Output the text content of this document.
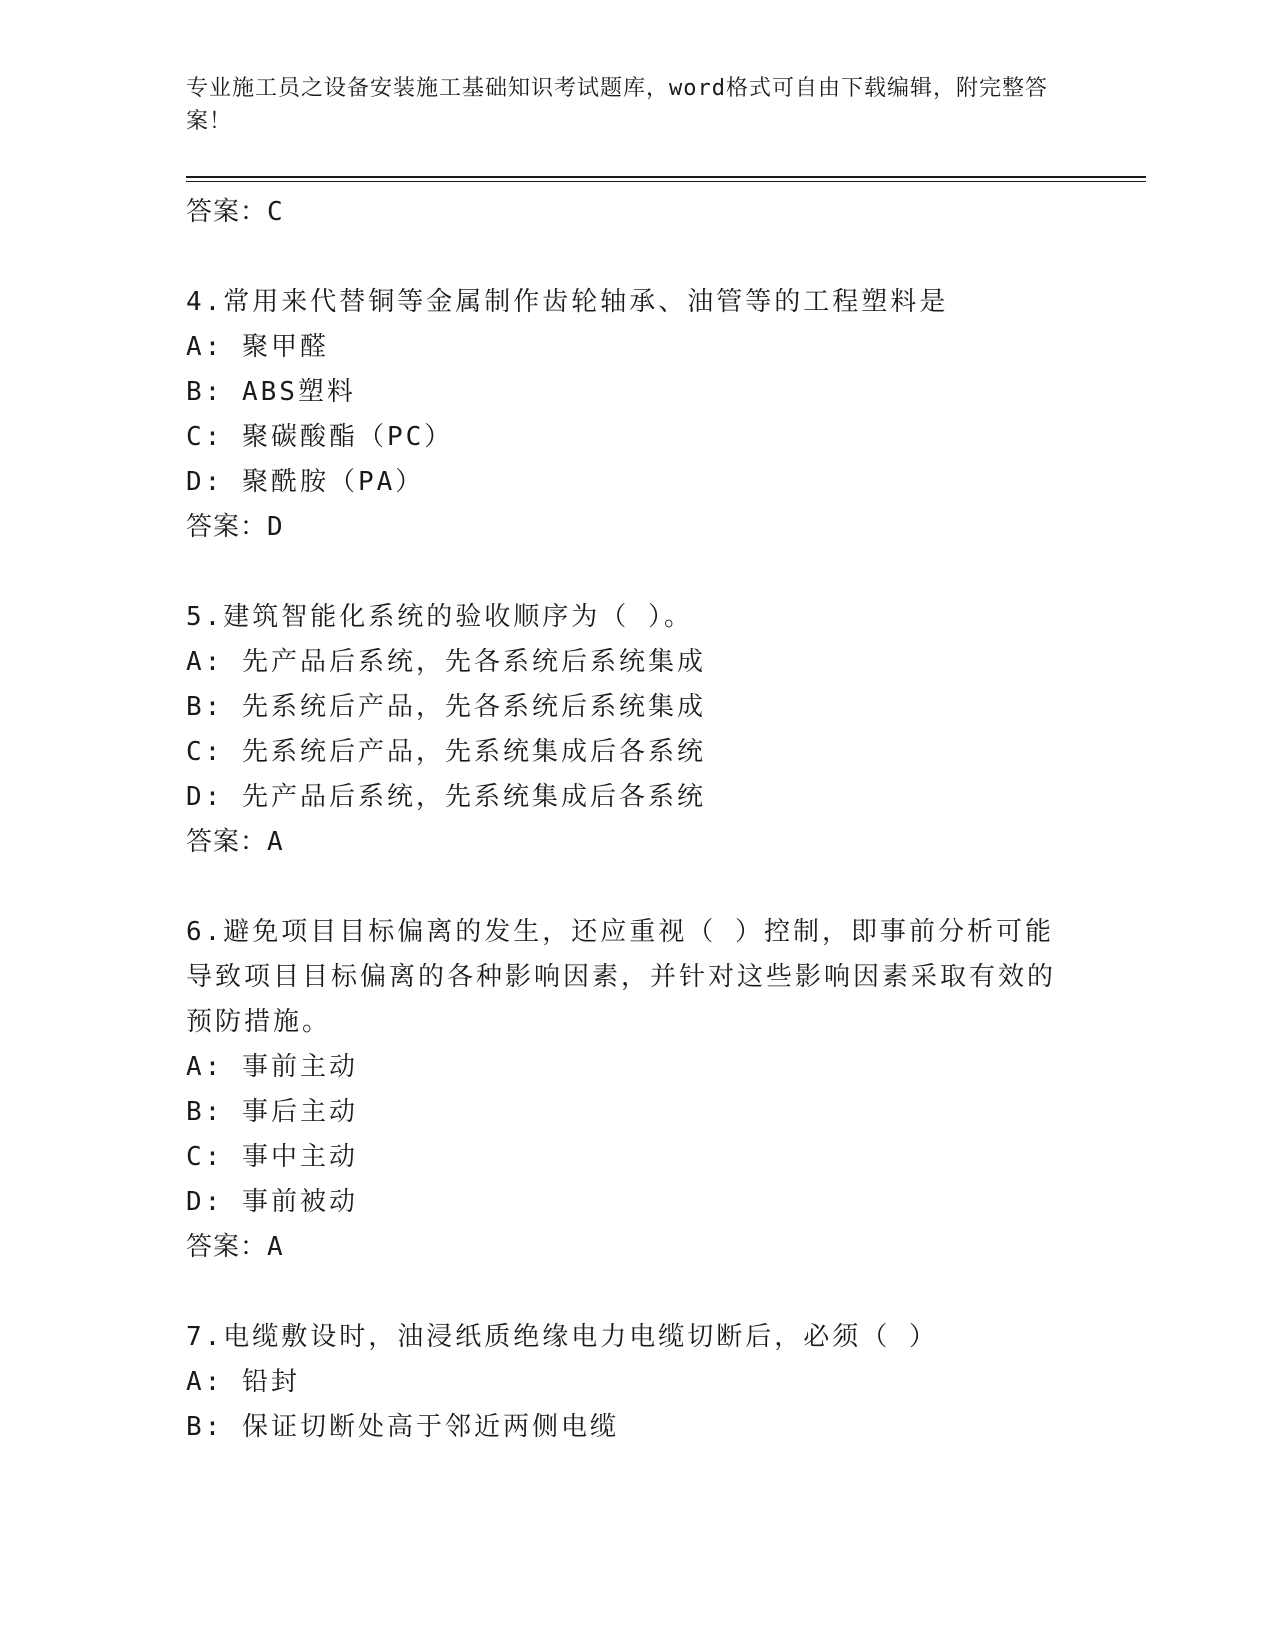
专业施工员之设备安装施工基础知识考试题库，word格式可自由下载编辑，附完整答案！
答案：C
4.常用来代替铜等金属制作齿轮轴承、油管等的工程塑料是
A: 聚甲醛
B: ABS塑料
C: 聚碳酸酯（PC）
D: 聚酰胺（PA）
答案：D
5.建筑智能化系统的验收顺序为（ ）。
A: 先产品后系统，先各系统后系统集成
B: 先系统后产品，先各系统后系统集成
C: 先系统后产品，先系统集成后各系统
D: 先产品后系统，先系统集成后各系统
答案：A
6.避免项目目标偏离的发生，还应重视（ ）控制，即事前分析可能导致项目目标偏离的各种影响因素，并针对这些影响因素采取有效的预防措施。
A: 事前主动
B: 事后主动
C: 事中主动
D: 事前被动
答案：A
7.电缆敷设时，油浸纸质绝缘电力电缆切断后，必须（ ）
A: 铅封
B: 保证切断处高于邻近两侧电缆
